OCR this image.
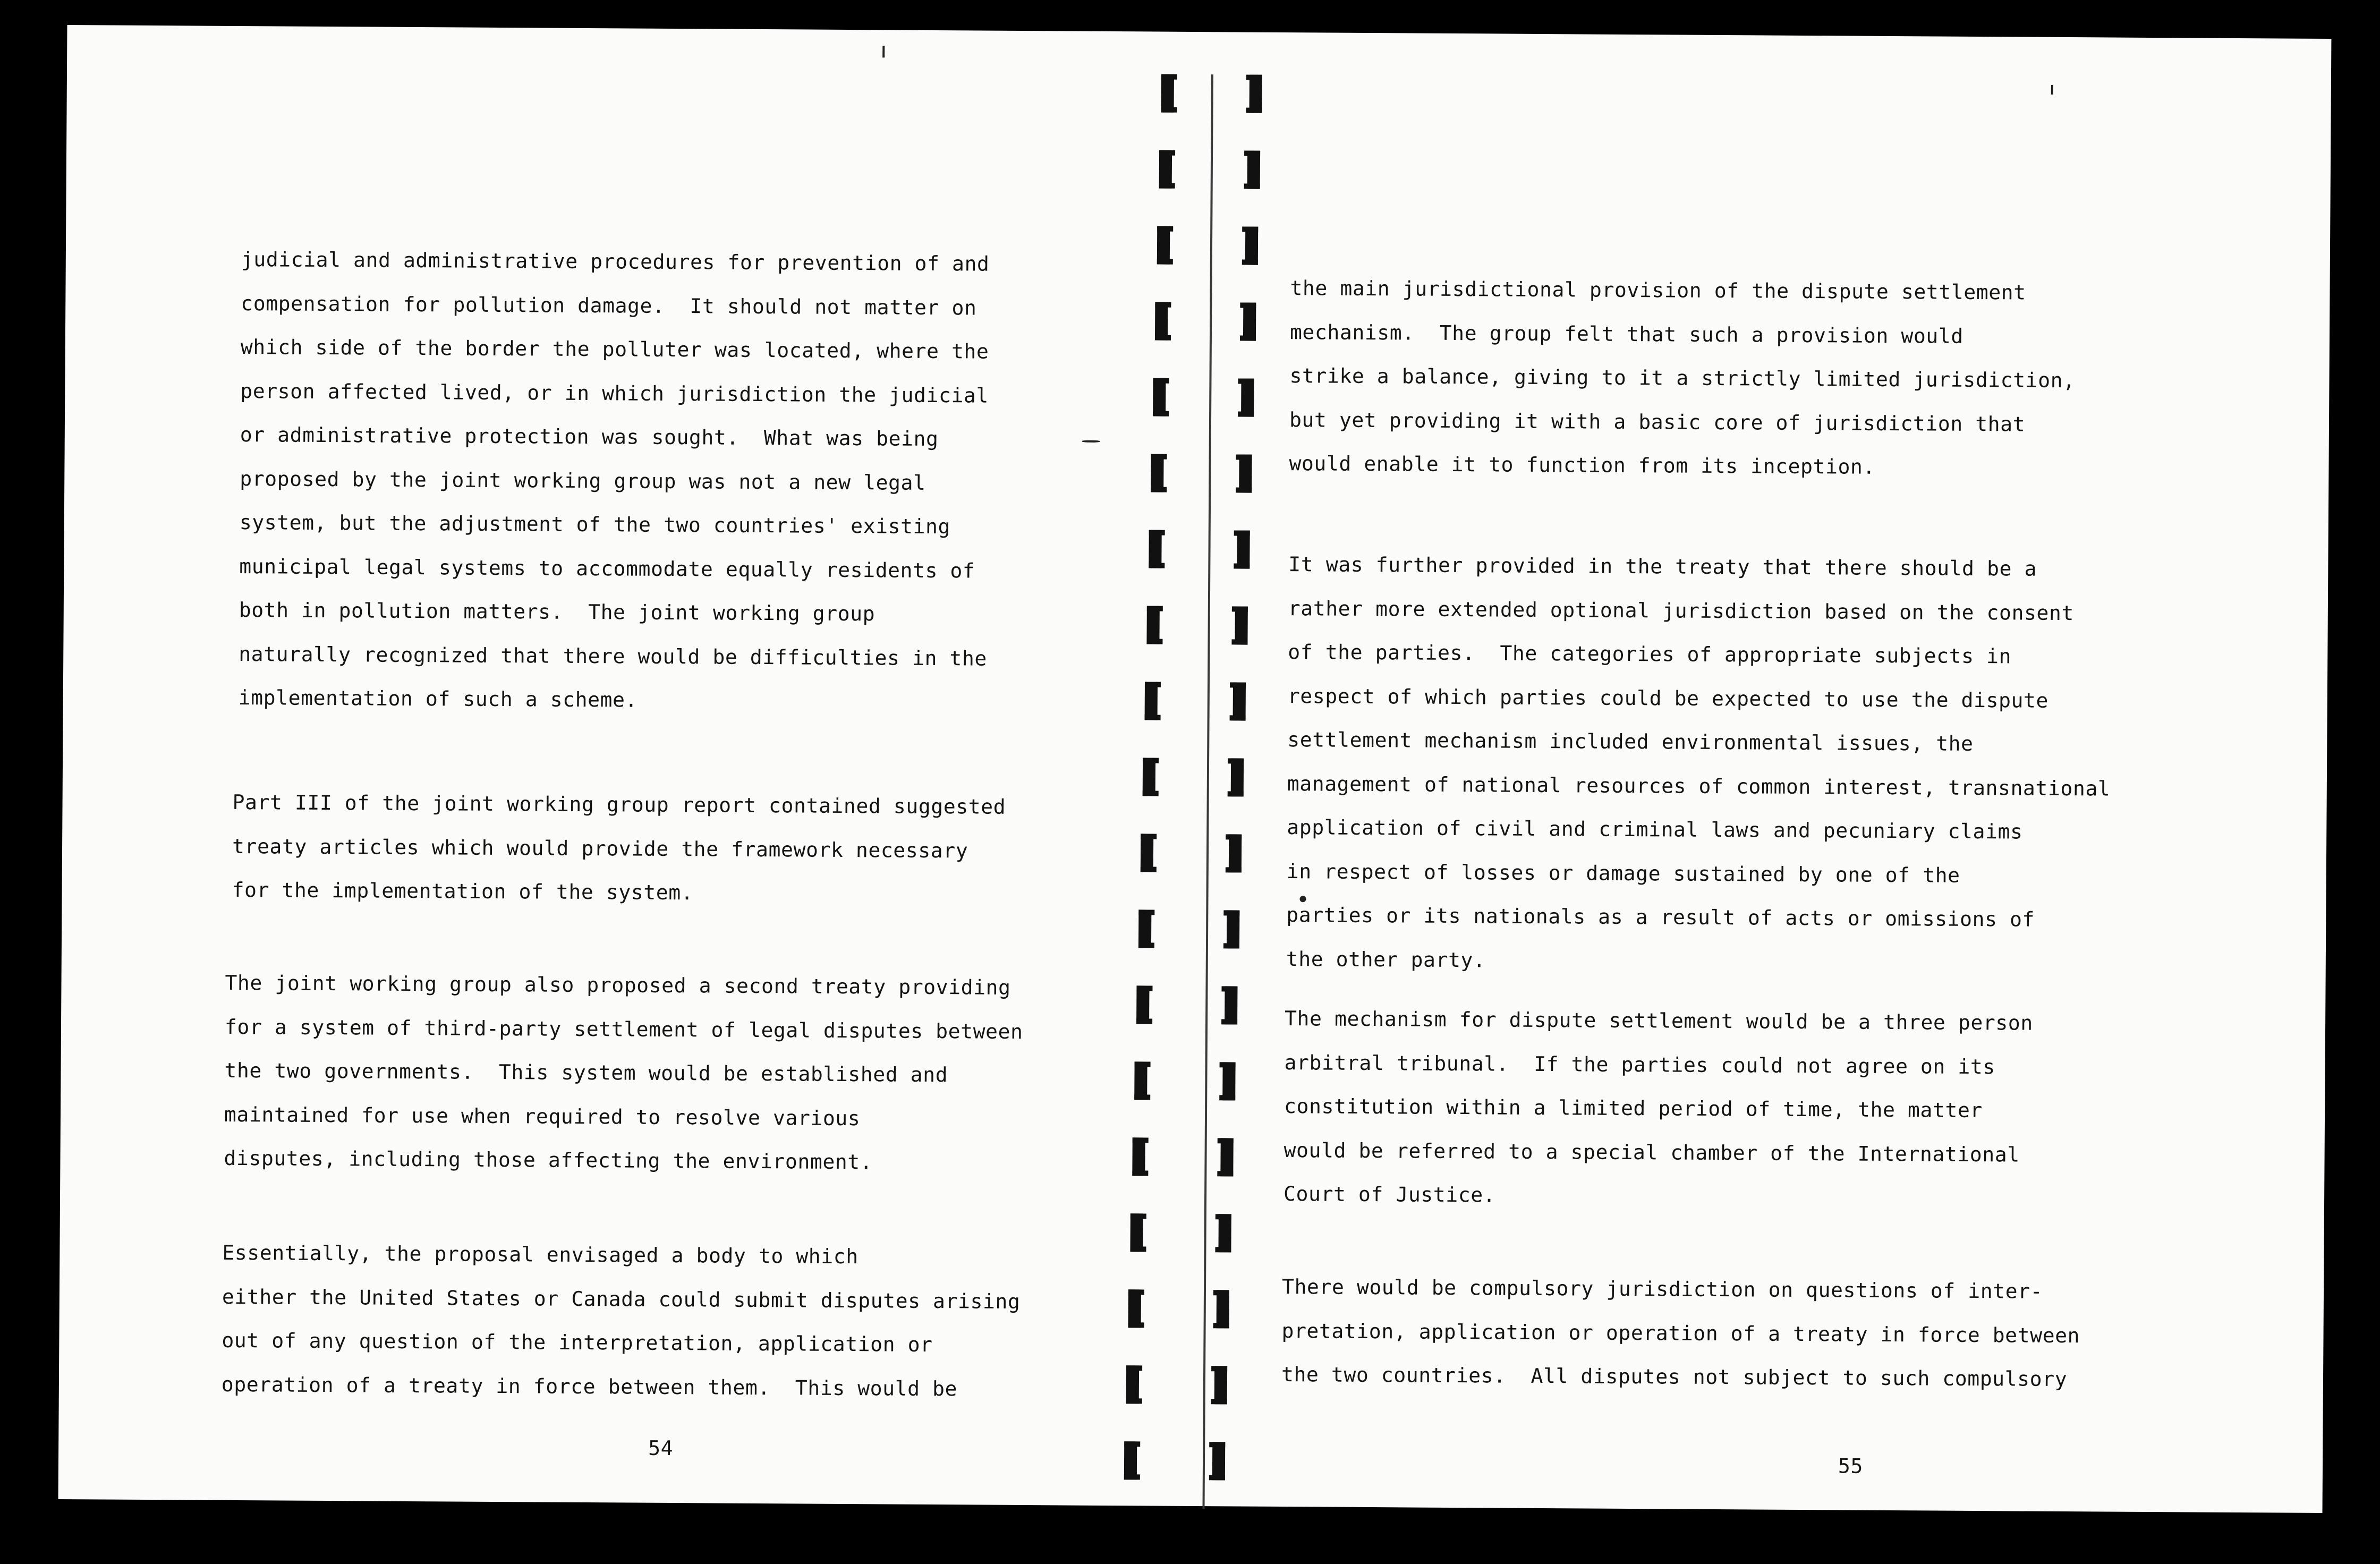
judicial and administrative procedures for prevention of and
compensation for pollution damage.  It should not matter on
which side of the border the polluter was located, where the
person affected lived, or in which jurisdiction the judicial
or administrative protection was sought.  What was being
proposed by the joint working group was not a new legal
system, but the adjustment of the two countries' existing
municipal legal systems to accommodate equally residents of
both in pollution matters.  The joint working group
naturally recognized that there would be difficulties in the
implementation of such a scheme.

Part III of the joint working group report contained suggested
treaty articles which would provide the framework necessary
for the implementation of the system.

The joint working group also proposed a second treaty providing
for a system of third-party settlement of legal disputes between
the two governments.  This system would be established and
maintained for use when required to resolve various
disputes, including those affecting the environment.

Essentially, the proposal envisaged a body to which
either the United States or Canada could submit disputes arising
out of any question of the interpretation, application or
operation of a treaty in force between them.  This would be

54

the main jurisdictional provision of the dispute settlement
mechanism.  The group felt that such a provision would
strike a balance, giving to it a strictly limited jurisdiction,
but yet providing it with a basic core of jurisdiction that
would enable it to function from its inception.

It was further provided in the treaty that there should be a
rather more extended optional jurisdiction based on the consent
of the parties.  The categories of appropriate subjects in
respect of which parties could be expected to use the dispute
settlement mechanism included environmental issues, the
management of national resources of common interest, transnational
application of civil and criminal laws and pecuniary claims
in respect of losses or damage sustained by one of the
parties or its nationals as a result of acts or omissions of
the other party.

The mechanism for dispute settlement would be a three person
arbitral tribunal.  If the parties could not agree on its
constitution within a limited period of time, the matter
would be referred to a special chamber of the International
Court of Justice.

There would be compulsory jurisdiction on questions of inter-
pretation, application or operation of a treaty in force between
the two countries.  All disputes not subject to such compulsory

55
